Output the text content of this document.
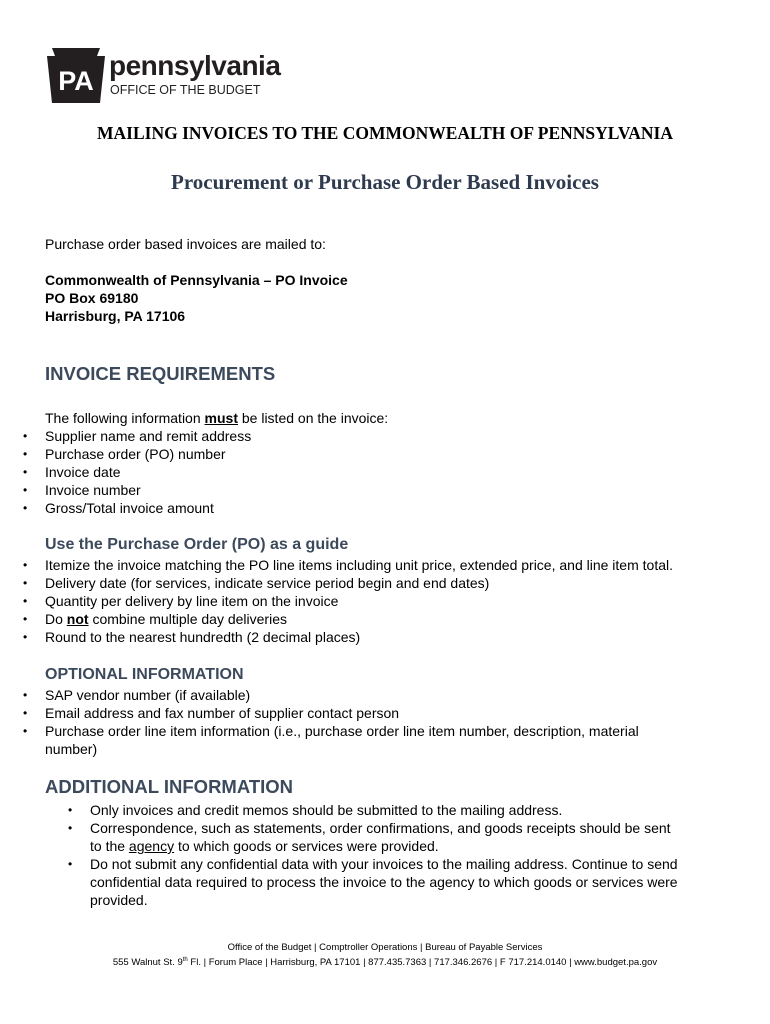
PA pennsylvania
OFFICE OF THE BUDGET
MAILING INVOICES TO THE COMMONWEALTH OF PENNSYLVANIA
Procurement or Purchase Order Based Invoices
Purchase order based invoices are mailed to:
Commonwealth of Pennsylvania – PO Invoice
PO Box 69180
Harrisburg, PA 17106
INVOICE REQUIREMENTS
The following information must be listed on the invoice:
• Supplier name and remit address
• Purchase order (PO) number
• Invoice date
• Invoice number
• Gross/Total invoice amount
Use the Purchase Order (PO) as a guide
• Itemize the invoice matching the PO line items including unit price, extended price, and line item total.
• Delivery date (for services, indicate service period begin and end dates)
• Quantity per delivery by line item on the invoice
• Do not combine multiple day deliveries
• Round to the nearest hundredth (2 decimal places)
OPTIONAL INFORMATION
• SAP vendor number (if available)
• Email address and fax number of supplier contact person
• Purchase order line item information (i.e., purchase order line item number, description, material
number)
ADDITIONAL INFORMATION
• Only invoices and credit memos should be submitted to the mailing address.
• Correspondence, such as statements, order confirmations, and goods receipts should be sent
to the agency to which goods or services were provided.
• Do not submit any confidential data with your invoices to the mailing address. Continue to send
confidential data required to process the invoice to the agency to which goods or services were
provided.
Office of the Budget | Comptroller Operations | Bureau of Payable Services
555 Walnut St. 9th Fl. | Forum Place | Harrisburg, PA 17101 | 877.435.7363 | 717.346.2676 | F 717.214.0140 | www.budget.pa.gov
